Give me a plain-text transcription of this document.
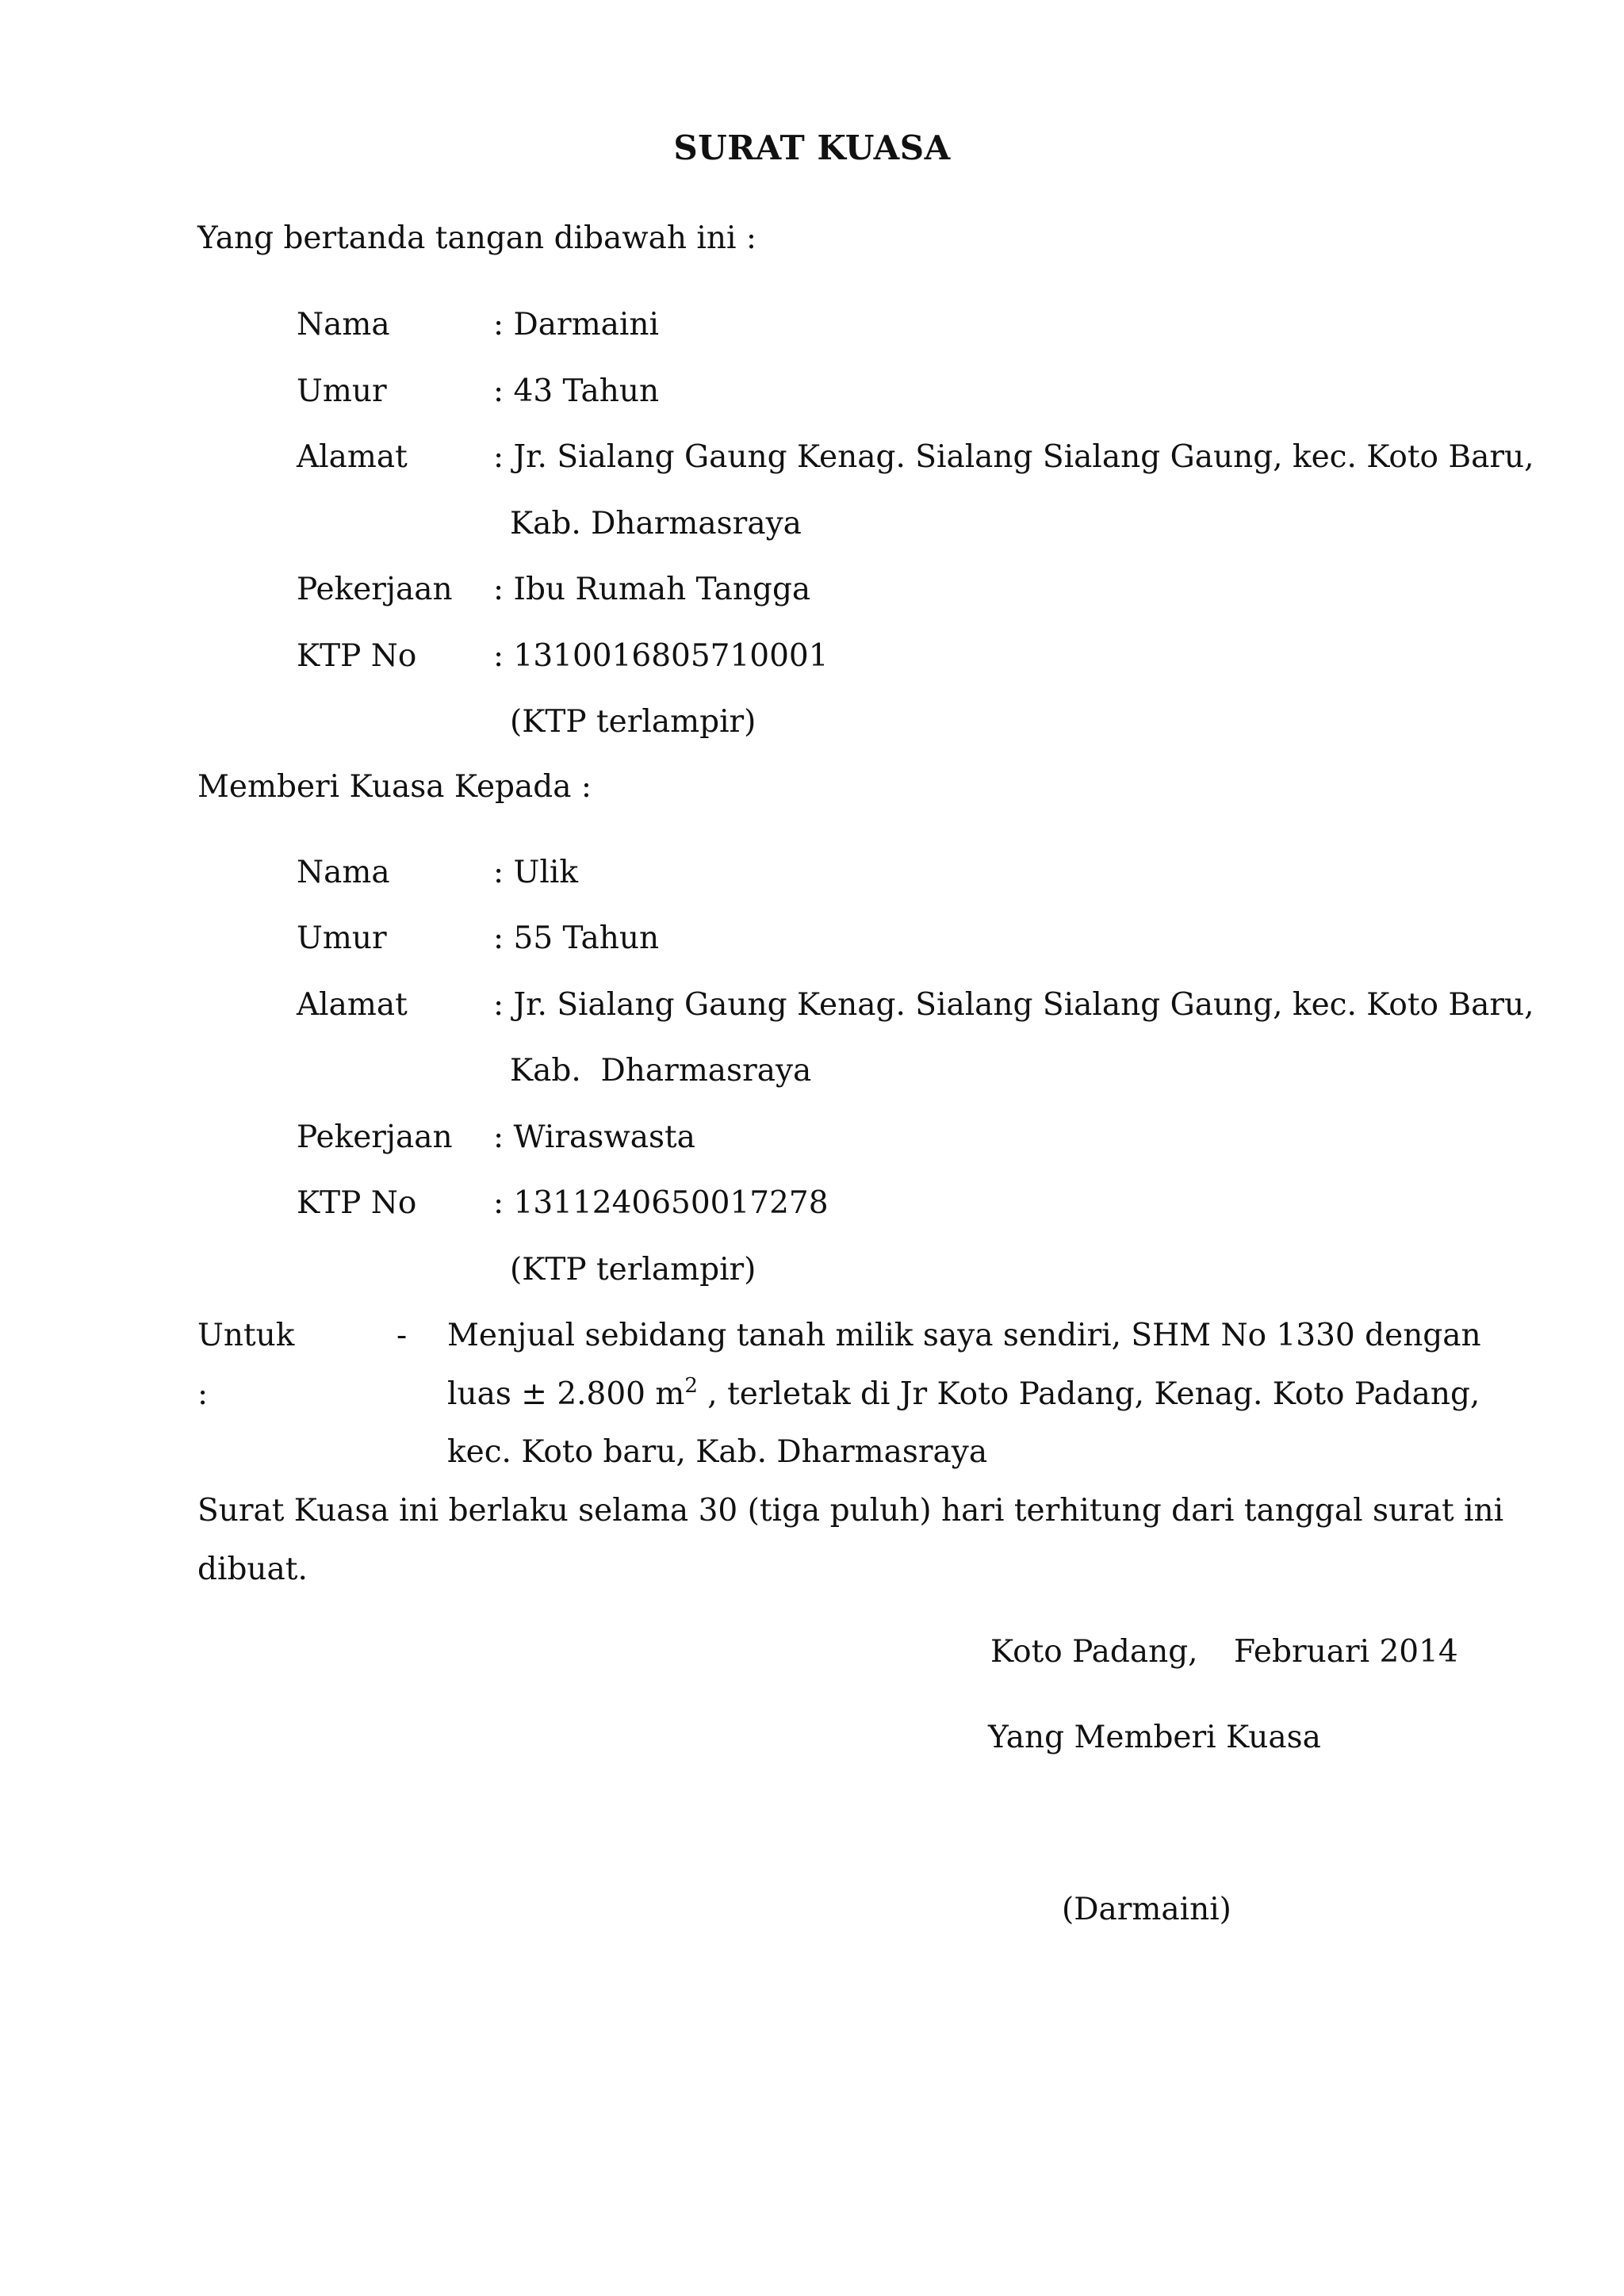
SURAT KUASA
Yang bertanda tangan dibawah ini :
Nama	: Darmaini
Umur	: 43 Tahun
Alamat	: Jr. Sialang Gaung Kenag. Sialang Sialang Gaung, kec. Koto Baru,
Kab. Dharmasraya
Pekerjaan : Ibu Rumah Tangga
KTP No : 1310016805710001
(KTP terlampir)
Memberi Kuasa Kepada :
Nama	: Ulik
Umur	: 55 Tahun
Alamat	: Jr. Sialang Gaung Kenag. Sialang Sialang Gaung, kec. Koto Baru,
Kab.  Dharmasraya
Pekerjaan : Wiraswasta
KTP No : 1311240650017278
(KTP terlampir)
Untuk
:
- Menjual sebidang tanah milik saya sendiri, SHM No 1330 dengan
luas ± 2.800 $m^2$ , terletak di Jr Koto Padang, Kenag. Koto Padang,
kec. Koto baru, Kab. Dharmasraya
Surat Kuasa ini berlaku selama 30 (tiga puluh) hari terhitung dari tanggal surat ini
dibuat.
Koto Padang, Februari 2014
Yang Memberi Kuasa
(Darmaini)
